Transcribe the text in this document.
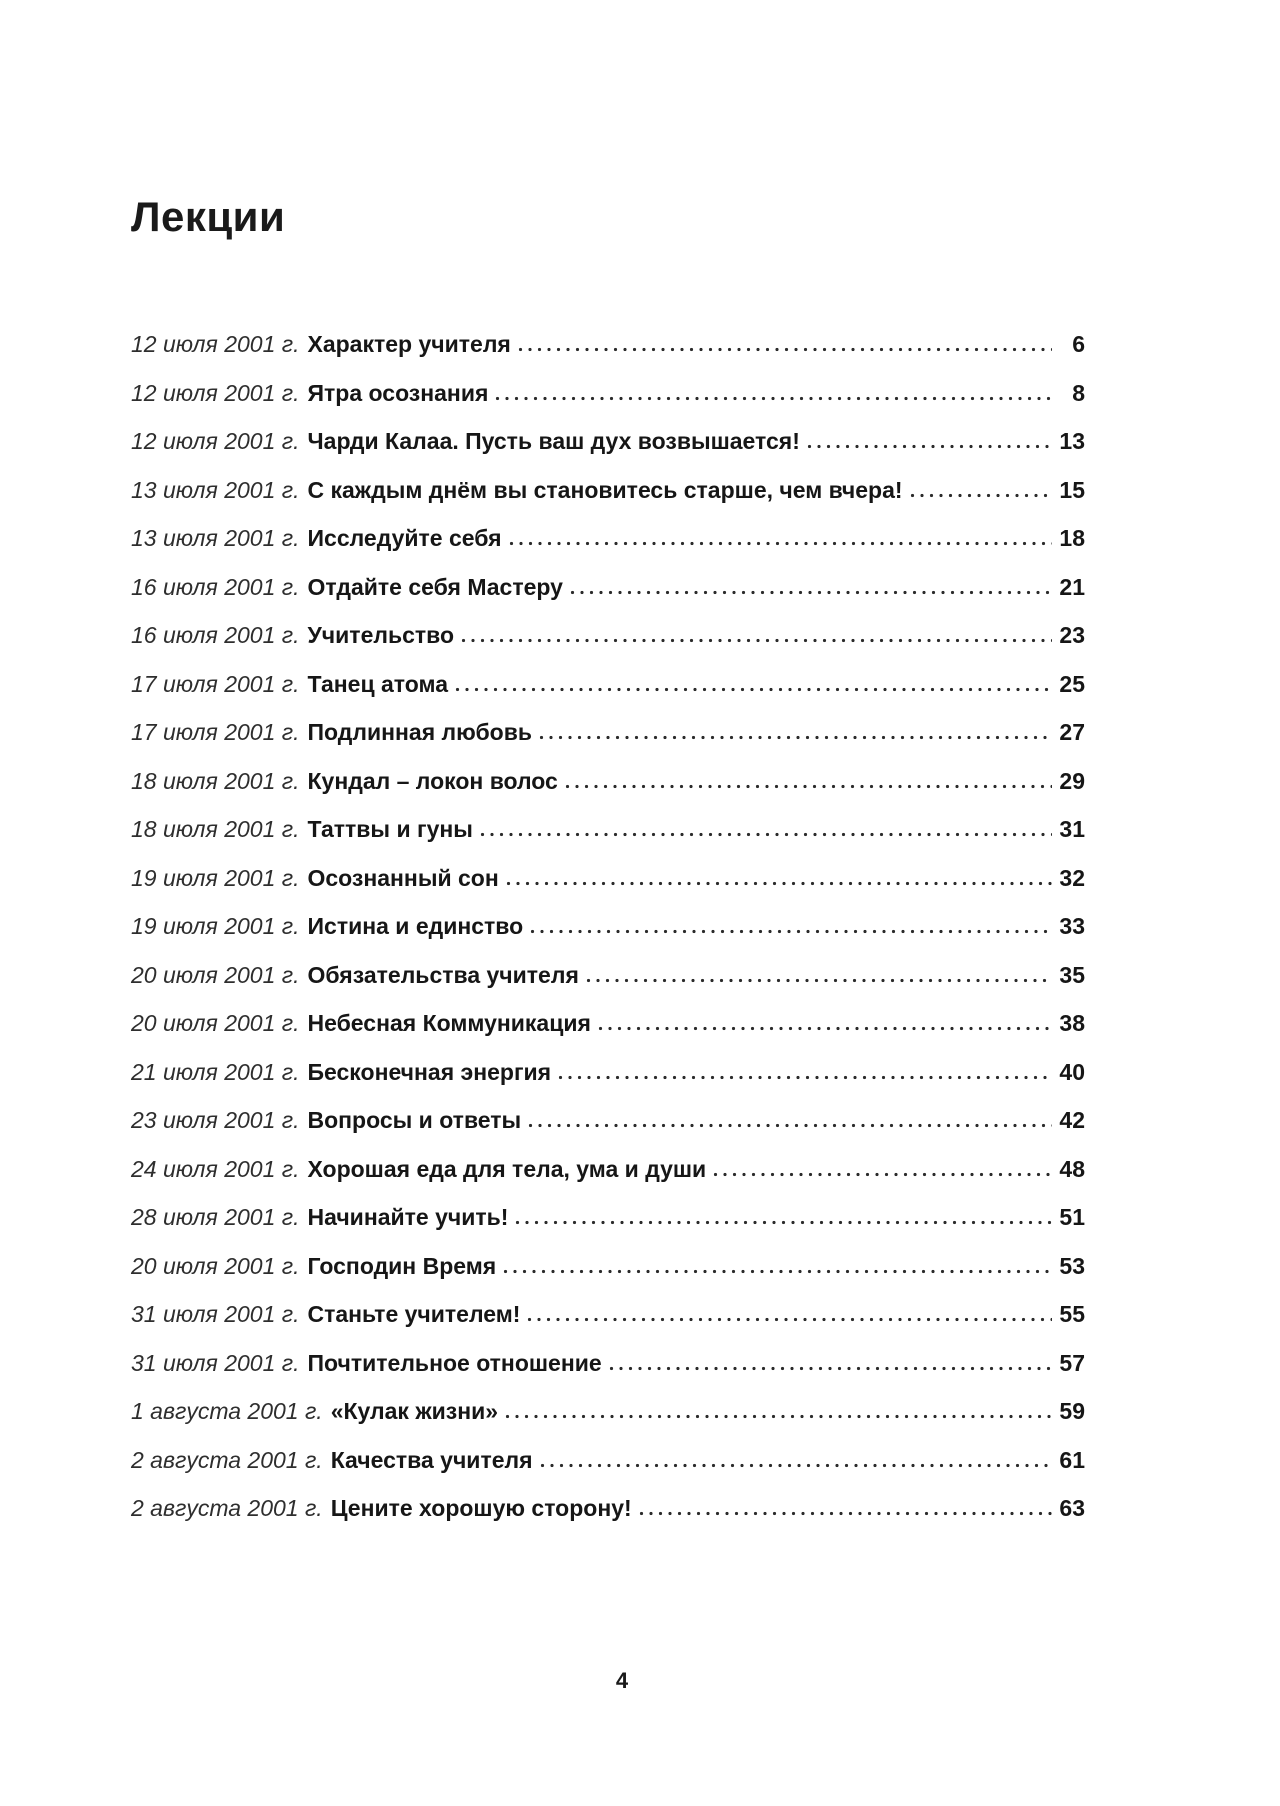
Лекции
12 июля 2001 г. Характер учителя	6
12 июля 2001 г. Ятра осознания	8
12 июля 2001 г. Чарди Калаа. Пусть ваш дух возвышается!	13
13 июля 2001 г. С каждым днём вы становитесь старше, чем вчера!	15
13 июля 2001 г. Исследуйте себя	18
16 июля 2001 г. Отдайте себя Мастеру	21
16 июля 2001 г. Учительство	23
17 июля 2001 г. Танец атома	25
17 июля 2001 г. Подлинная любовь	27
18 июля 2001 г. Кундал – локон волос	29
18 июля 2001 г. Таттвы и гуны	31
19 июля 2001 г. Осознанный сон	32
19 июля 2001 г. Истина и единство	33
20 июля 2001 г. Обязательства учителя	35
20 июля 2001 г. Небесная Коммуникация	38
21 июля 2001 г. Бесконечная энергия	40
23 июля 2001 г. Вопросы и ответы	42
24 июля 2001 г. Хорошая еда для тела, ума и души	48
28 июля 2001 г. Начинайте учить!	51
20 июля 2001 г. Господин Время	53
31 июля 2001 г. Станьте учителем!	55
31 июля 2001 г. Почтительное отношение	57
1 августа 2001 г. «Кулак жизни»	59
2 августа 2001 г. Качества учителя	61
2 августа 2001 г. Цените хорошую сторону!	63
4
